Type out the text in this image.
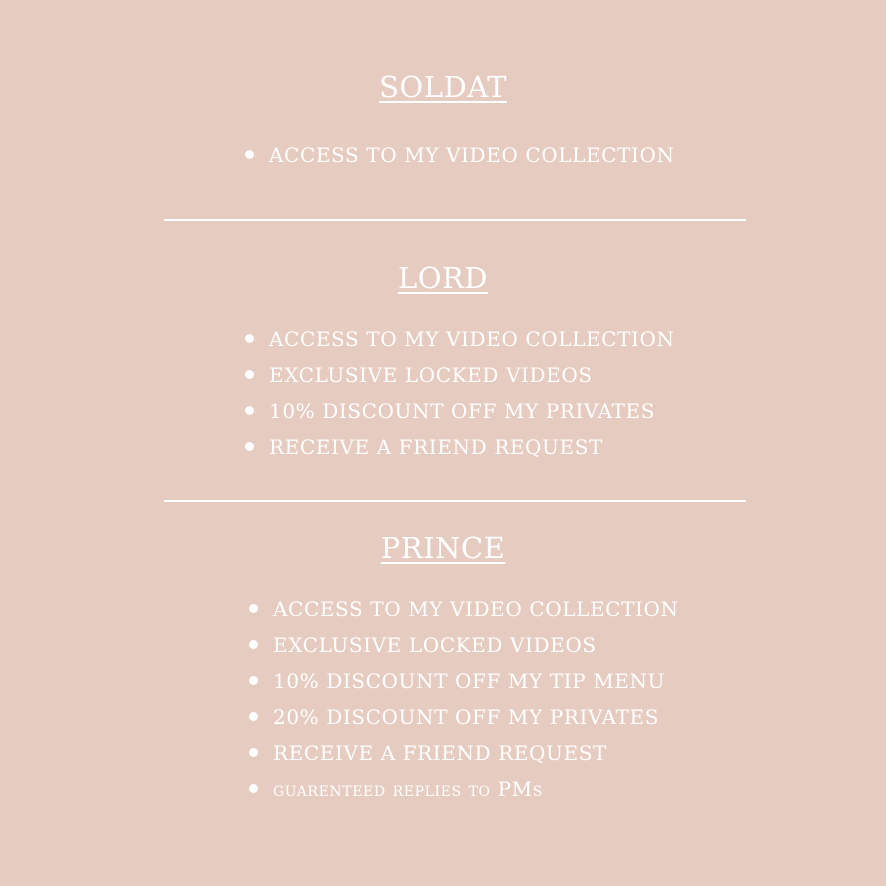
SOLDAT
ACCESS TO MY VIDEO COLLECTION
LORD
ACCESS TO MY VIDEO COLLECTION
EXCLUSIVE LOCKED VIDEOS
10% DISCOUNT OFF MY PRIVATES
RECEIVE A FRIEND REQUEST
PRINCE
ACCESS TO MY VIDEO COLLECTION
EXCLUSIVE LOCKED VIDEOS
10% DISCOUNT OFF MY TIP MENU
20% DISCOUNT OFF MY PRIVATES
RECEIVE A FRIEND REQUEST
guarenteed replies to PMs
